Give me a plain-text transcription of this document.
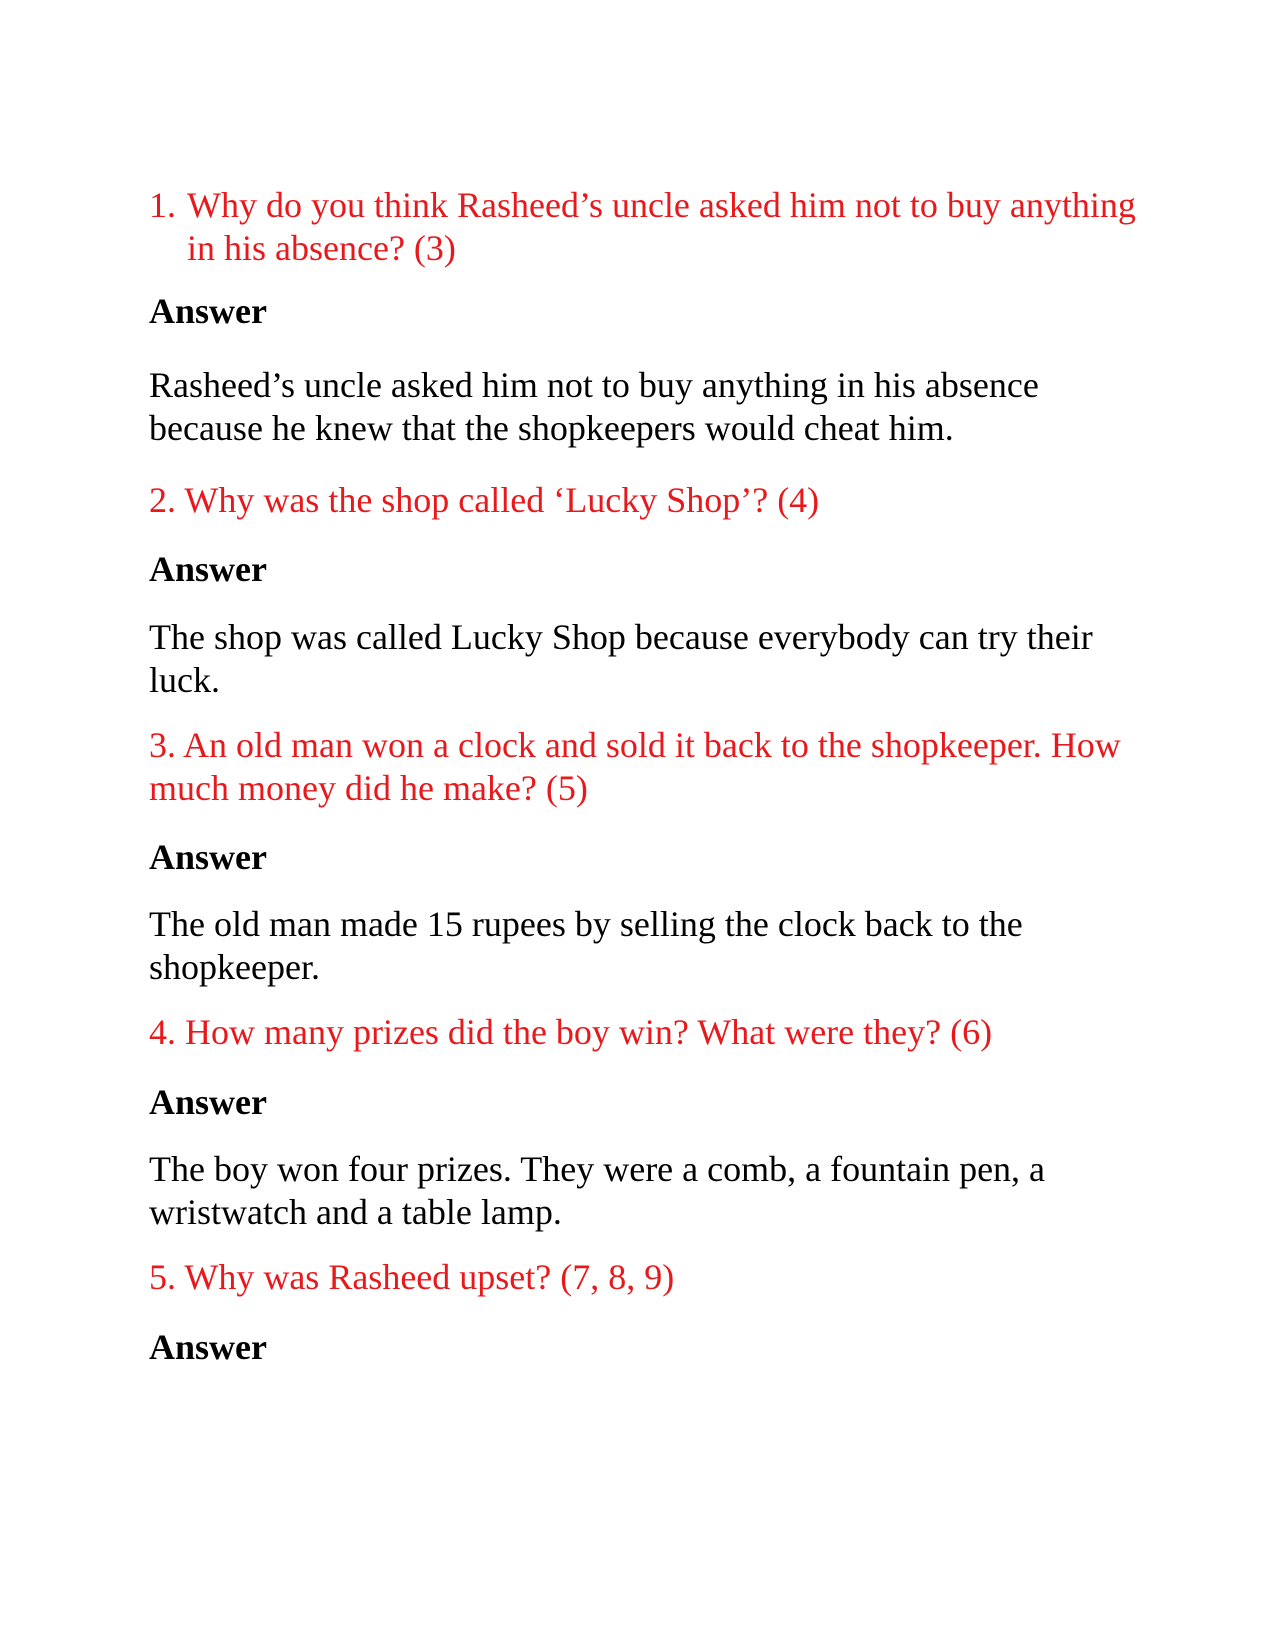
1. Why do you think Rasheed’s uncle asked him not to buy anything in his absence? (3)
Answer
Rasheed’s uncle asked him not to buy anything in his absence because he knew that the shopkeepers would cheat him.
2. Why was the shop called ‘Lucky Shop’? (4)
Answer
The shop was called Lucky Shop because everybody can try their luck.
3. An old man won a clock and sold it back to the shopkeeper. How much money did he make? (5)
Answer
The old man made 15 rupees by selling the clock back to the shopkeeper.
4. How many prizes did the boy win? What were they? (6)
Answer
The boy won four prizes. They were a comb, a fountain pen, a wristwatch and a table lamp.
5. Why was Rasheed upset? (7, 8, 9)
Answer
